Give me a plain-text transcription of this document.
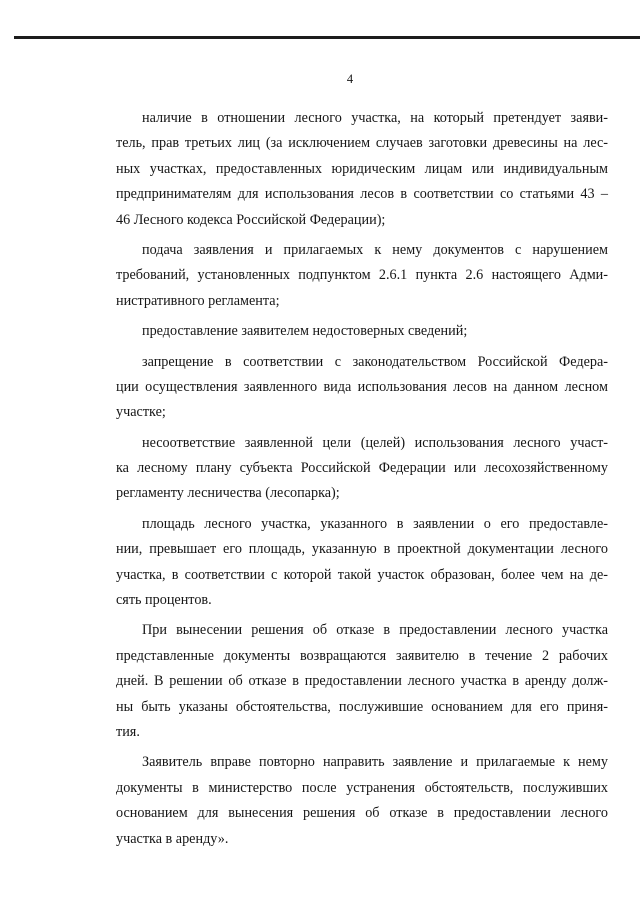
4
наличие в отношении лесного участка, на который претендует заяви-
тель, прав третьих лиц (за исключением случаев заготовки древесины на лес-
ных участках, предоставленных юридическим лицам или индивидуальным
предпринимателям для использования лесов в соответствии со статьями 43 –
46 Лесного кодекса Российской Федерации);
подача заявления и прилагаемых к нему документов с нарушением
требований, установленных подпунктом 2.6.1 пункта 2.6 настоящего Адми-
нистративного регламента;
предоставление заявителем недостоверных сведений;
запрещение в соответствии с законодательством Российской Федера-
ции осуществления заявленного вида использования лесов на данном лесном
участке;
несоответствие заявленной цели (целей) использования лесного участ-
ка лесному плану субъекта Российской Федерации или лесохозяйственному
регламенту лесничества (лесопарка);
площадь лесного участка, указанного в заявлении о его предоставле-
нии, превышает его площадь, указанную в проектной документации лесного
участка, в соответствии с которой такой участок образован, более чем на де-
сять процентов.
При вынесении решения об отказе в предоставлении лесного участка
представленные документы возвращаются заявителю в течение 2 рабочих
дней. В решении об отказе в предоставлении лесного участка в аренду долж-
ны быть указаны обстоятельства, послужившие основанием для его приня-
тия.
Заявитель вправе повторно направить заявление и прилагаемые к нему
документы в министерство после устранения обстоятельств, послуживших
основанием для вынесения решения об отказе в предоставлении лесного
участка в аренду».
